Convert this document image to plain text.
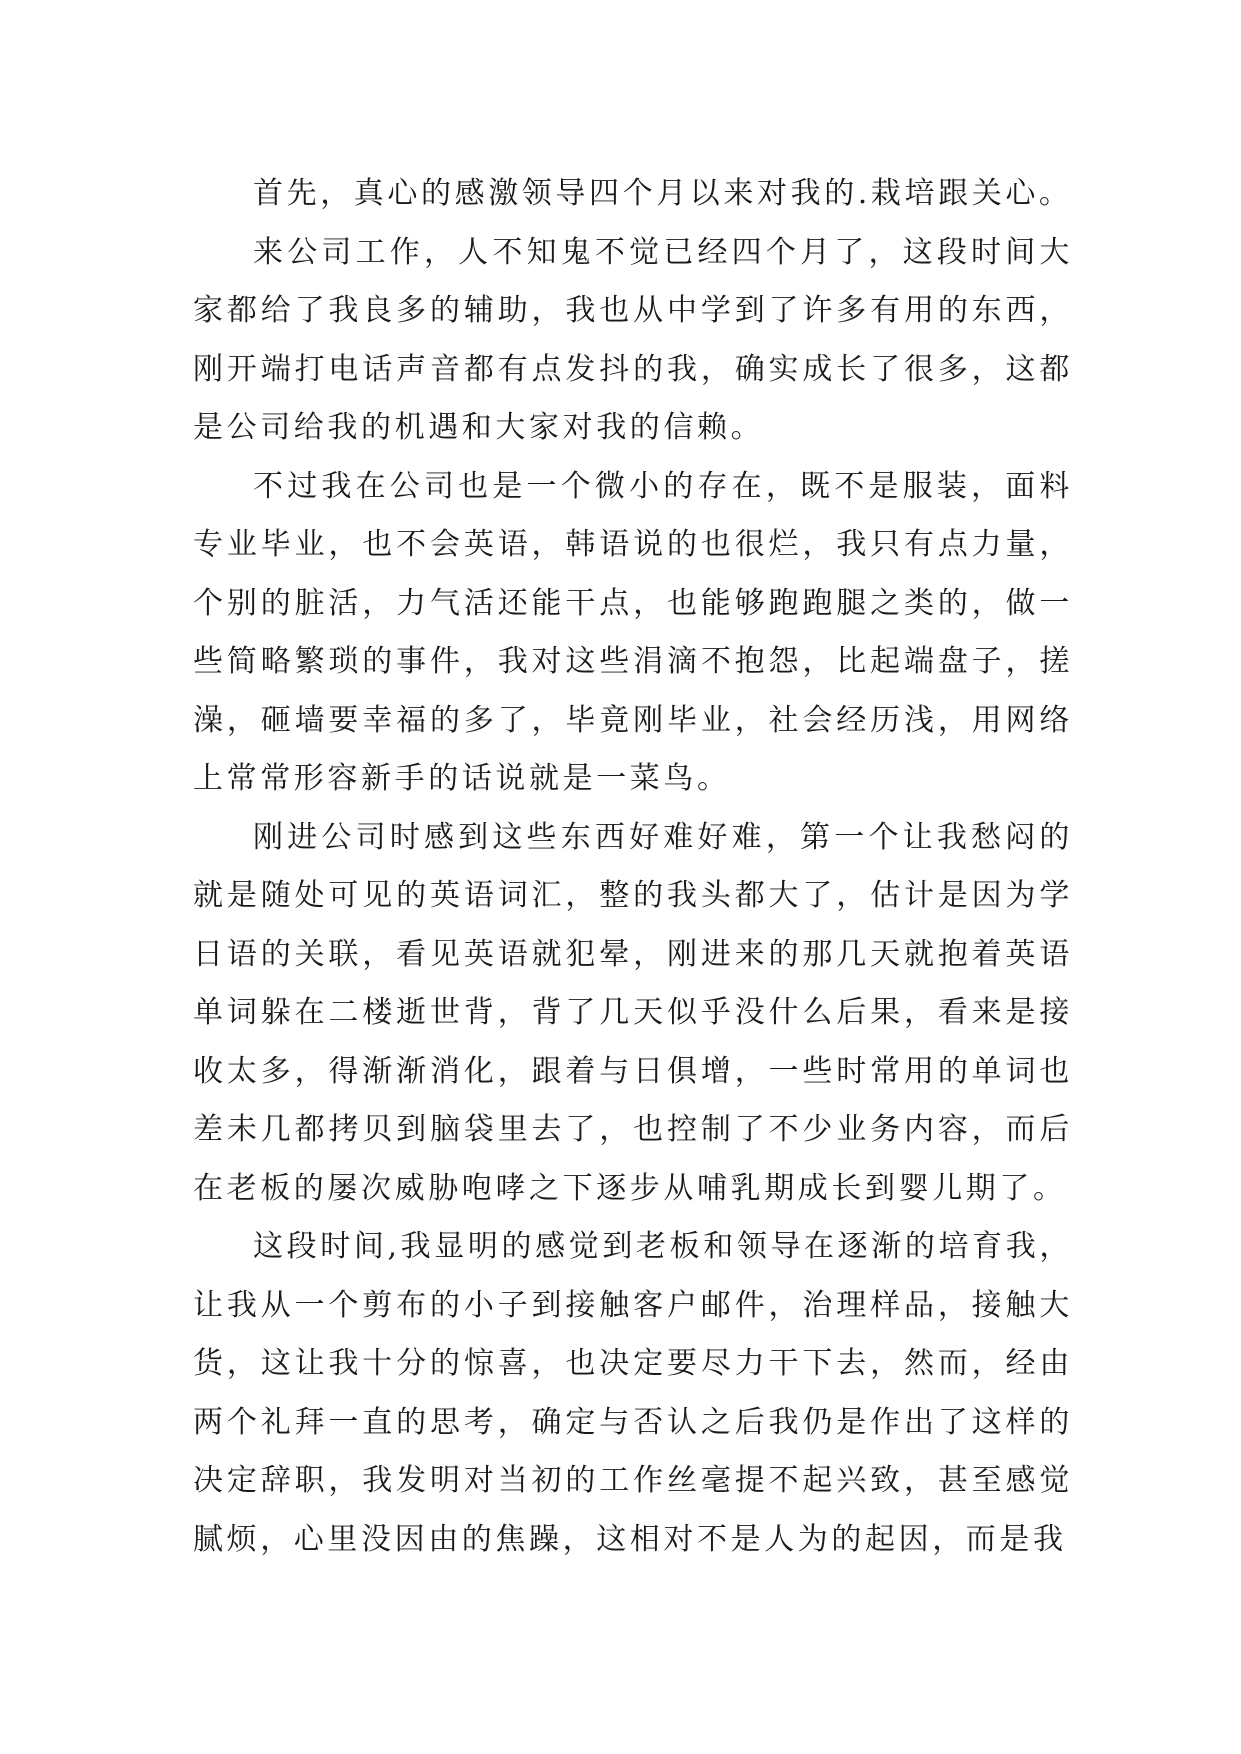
首先，真心的感激领导四个月以来对我的.栽培跟关心。

来公司工作，人不知鬼不觉已经四个月了，这段时间大家都给了我良多的辅助，我也从中学到了许多有用的东西，刚开端打电话声音都有点发抖的我，确实成长了很多，这都是公司给我的机遇和大家对我的信赖。

不过我在公司也是一个微小的存在，既不是服装，面料专业毕业，也不会英语，韩语说的也很烂，我只有点力量，个别的脏活，力气活还能干点，也能够跑跑腿之类的，做一些简略繁琐的事件，我对这些涓滴不抱怨，比起端盘子，搓澡，砸墙要幸福的多了，毕竟刚毕业，社会经历浅，用网络上常常形容新手的话说就是一菜鸟。

刚进公司时感到这些东西好难好难，第一个让我愁闷的就是随处可见的英语词汇，整的我头都大了，估计是因为学日语的关联，看见英语就犯晕，刚进来的那几天就抱着英语单词躲在二楼逝世背，背了几天似乎没什么后果，看来是接收太多，得渐渐消化，跟着与日俱增，一些时常用的单词也差未几都拷贝到脑袋里去了，也控制了不少业务内容，而后在老板的屡次威胁咆哮之下逐步从哺乳期成长到婴儿期了。

这段时间,我显明的感觉到老板和领导在逐渐的培育我，让我从一个剪布的小子到接触客户邮件，治理样品，接触大货，这让我十分的惊喜，也决定要尽力干下去，然而，经由两个礼拜一直的思考，确定与否认之后我仍是作出了这样的决定辞职，我发明对当初的工作丝毫提不起兴致，甚至感觉腻烦，心里没因由的焦躁，这相对不是人为的起因，而是我
